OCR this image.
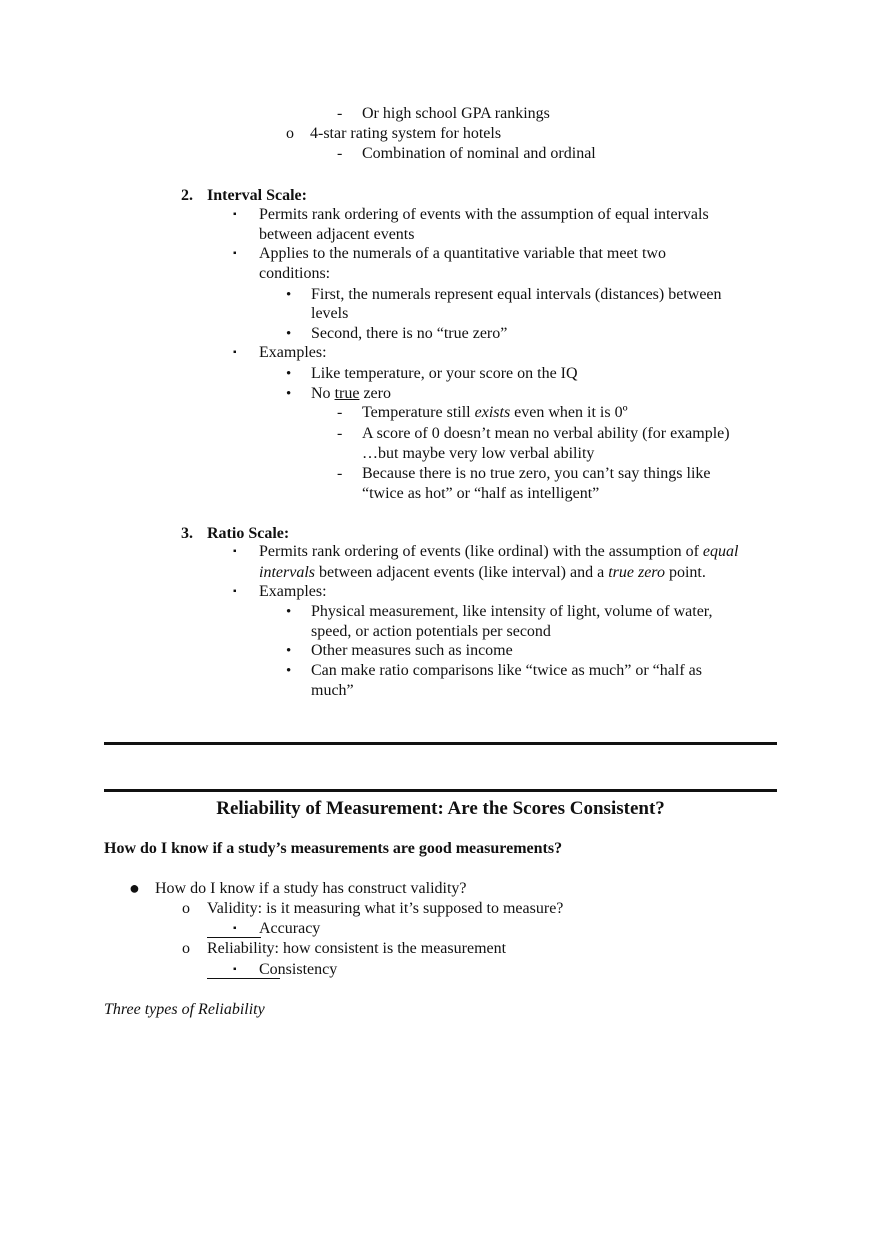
- Or high school GPA rankings
o 4-star rating system for hotels
- Combination of nominal and ordinal
2. Interval Scale:
▪ Permits rank ordering of events with the assumption of equal intervals
between adjacent events
▪ Applies to the numerals of a quantitative variable that meet two
conditions:
• First, the numerals represent equal intervals (distances) between
levels
• Second, there is no “true zero”
▪ Examples:
• Like temperature, or your score on the IQ
• No true zero
- Temperature still exists even when it is 0º
- A score of 0 doesn’t mean no verbal ability (for example)
…but maybe very low verbal ability
- Because there is no true zero, you can’t say things like
“twice as hot” or “half as intelligent”
3. Ratio Scale:
▪ Permits rank ordering of events (like ordinal) with the assumption of equal
intervals between adjacent events (like interval) and a true zero point.
▪ Examples:
• Physical measurement, like intensity of light, volume of water,
speed, or action potentials per second
• Other measures such as income
• Can make ratio comparisons like “twice as much” or “half as
much”
Reliability of Measurement: Are the Scores Consistent?
How do I know if a study’s measurements are good measurements?
● How do I know if a study has construct validity?
o Validity: is it measuring what it’s supposed to measure?
▪ Accuracy
o Reliability: how consistent is the measurement
▪ Consistency
Three types of Reliability
